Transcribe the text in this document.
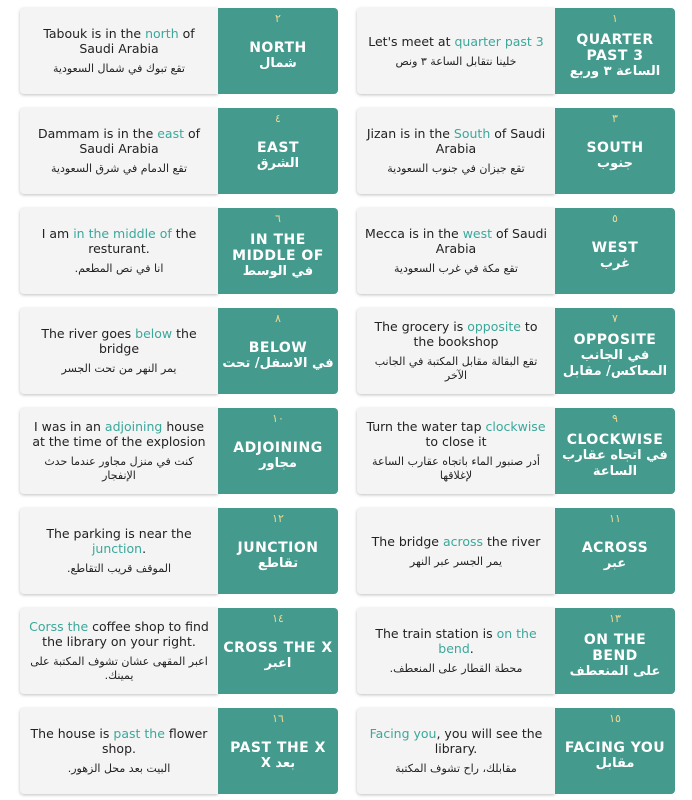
Let's meet at quarter past 3
خلينا نتقابل الساعة ٣ ونص
١
QUARTER PAST 3
الساعة ٣ وربع
Tabouk is in the north of Saudi Arabia
تقع تبوك في شمال السعودية
٢
NORTH
شمال
Jizan is in the South of Saudi Arabia
تقع جيزان في جنوب السعودية
٣
SOUTH
جنوب
Dammam is in the east of Saudi Arabia
تقع الدمام في شرق السعودية
٤
EAST
الشرق
Mecca is in the west of Saudi Arabia
تقع مكة في غرب السعودية
٥
WEST
غرب
I am in the middle of the resturant.
انا في نص المطعم.
٦
IN THE MIDDLE OF
في الوسط
The grocery is opposite to the bookshop
تقع البقالة مقابل المكتبة في الجانب الآخر
٧
OPPOSITE
في الجانب المعاكس/ مقابل
The river goes below the bridge
يمر النهر من تحت الجسر
٨
BELOW
في الاسفل/ تحت
Turn the water tap clockwise to close it
أدر صنبور الماء باتجاه عقارب الساعة لإغلاقها
٩
CLOCKWISE
في اتجاه عقارب الساعة
I was in an adjoining house at the time of the explosion
كنت في منزل مجاور عندما حدث الإنفجار
١٠
ADJOINING
مجاور
The bridge across the river
يمر الجسر عبر النهر
١١
ACROSS
عبر
The parking is near the junction.
الموقف قريب التقاطع.
١٢
JUNCTION
تقاطع
The train station is on the bend.
محطة القطار على المنعطف.
١٣
ON THE BEND
على المنعطف
Corss the coffee shop to find the library on your right.
اعبر المقهى عشان تشوف المكتبة على يمينك.
١٤
CROSS THE X
اعبر
Facing you, you will see the library.
مقابلك، راح تشوف المكتبة
١٥
FACING YOU
مقابل
The house is past the flower shop.
البيت بعد محل الزهور.
١٦
PAST THE X
بعد X
